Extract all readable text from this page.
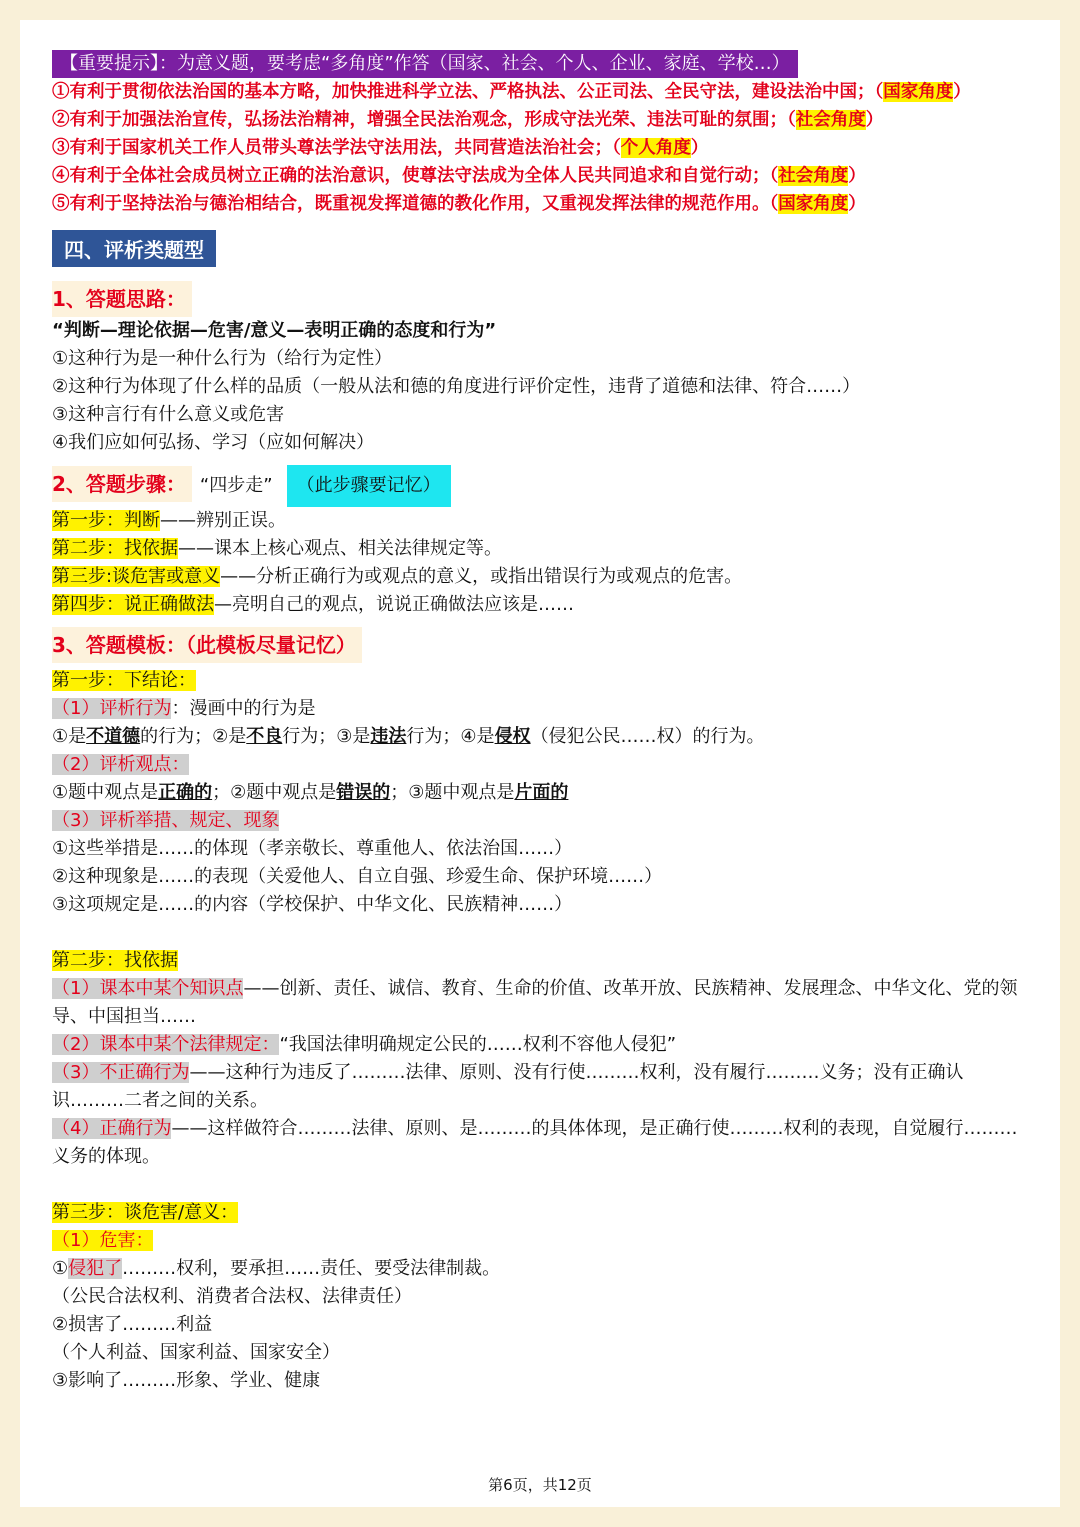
【重要提示】：为意义题，要考虑“多角度”作答（国家、社会、个人、企业、家庭、学校…）
①有利于贯彻依法治国的基本方略，加快推进科学立法、严格执法、公正司法、全民守法，建设法治中国；（国家角度）
②有利于加强法治宣传，弘扬法治精神，增强全民法治观念，形成守法光荣、违法可耻的氛围；（社会角度）
③有利于国家机关工作人员带头尊法学法守法用法，共同营造法治社会；（个人角度）
④有利于全体社会成员树立正确的法治意识，使尊法守法成为全体人民共同追求和自觉行动；（社会角度）
⑤有利于坚持法治与德治相结合，既重视发挥道德的教化作用，又重视发挥法律的规范作用。（国家角度）
四、评析类题型
1、答题思路：
“判断—理论依据—危害/意义—表明正确的态度和行为”
①这种行为是一种什么行为（给行为定性）
②这种行为体现了什么样的品质（一般从法和德的角度进行评价定性，违背了道德和法律、符合……）
③这种言行有什么意义或危害
④我们应如何弘扬、学习（应如何解决）
2、答题步骤： “四步走” （此步骤要记忆）
第一步：判断——辨别正误。
第二步：找依据——课本上核心观点、相关法律规定等。
第三步:谈危害或意义——分析正确行为或观点的意义，或指出错误行为或观点的危害。
第四步：说正确做法—亮明自己的观点，说说正确做法应该是……
3、答题模板：（此模板尽量记忆）
第一步：下结论：
（1）评析行为：漫画中的行为是
①是不道德的行为；②是不良行为；③是违法行为；④是侵权（侵犯公民……权）的行为。
（2）评析观点：
①题中观点是正确的；②题中观点是错误的；③题中观点是片面的
（3）评析举措、规定、现象
①这些举措是……的体现（孝亲敬长、尊重他人、依法治国……）
②这种现象是……的表现（关爱他人、自立自强、珍爱生命、保护环境……）
③这项规定是……的内容（学校保护、中华文化、民族精神……）
第二步：找依据
（1）课本中某个知识点——创新、责任、诚信、教育、生命的价值、改革开放、民族精神、发展理念、中华文化、党的领导、中国担当……
（2）课本中某个法律规定：“我国法律明确规定公民的……权利不容他人侵犯”
（3）不正确行为——这种行为违反了………法律、原则、没有行使………权利，没有履行………义务；没有正确认识………二者之间的关系。
（4）正确行为——这样做符合………法律、原则、是………的具体体现，是正确行使………权利的表现，自觉履行………义务的体现。
第三步：谈危害/意义：
（1）危害：
①侵犯了………权利，要承担……责任、要受法律制裁。
（公民合法权利、消费者合法权、法律责任）
②损害了………利益
（个人利益、国家利益、国家安全）
③影响了………形象、学业、健康
第6页，共12页
